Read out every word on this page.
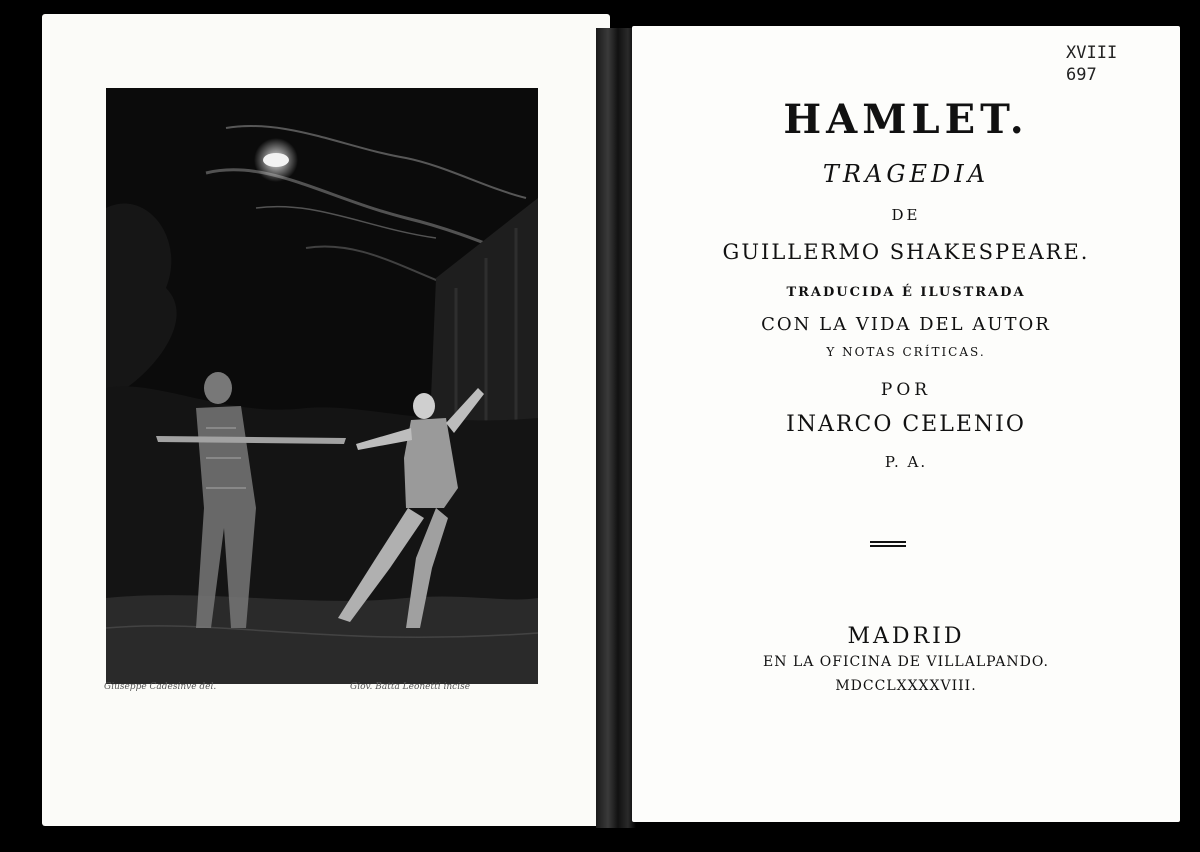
Giuseppe Cadesinve del.	Giov. Batta Leonetti incise
XVIII
697
HAMLET.
TRAGEDIA
DE
GUILLERMO SHAKESPEARE.
TRADUCIDA É ILUSTRADA
CON LA VIDA DEL AUTOR
Y NOTAS CRÍTICAS.
POR
INARCO CELENIO
P. A.
MADRID
EN LA OFICINA DE VILLALPANDO.
MDCCLXXXXVIII.
